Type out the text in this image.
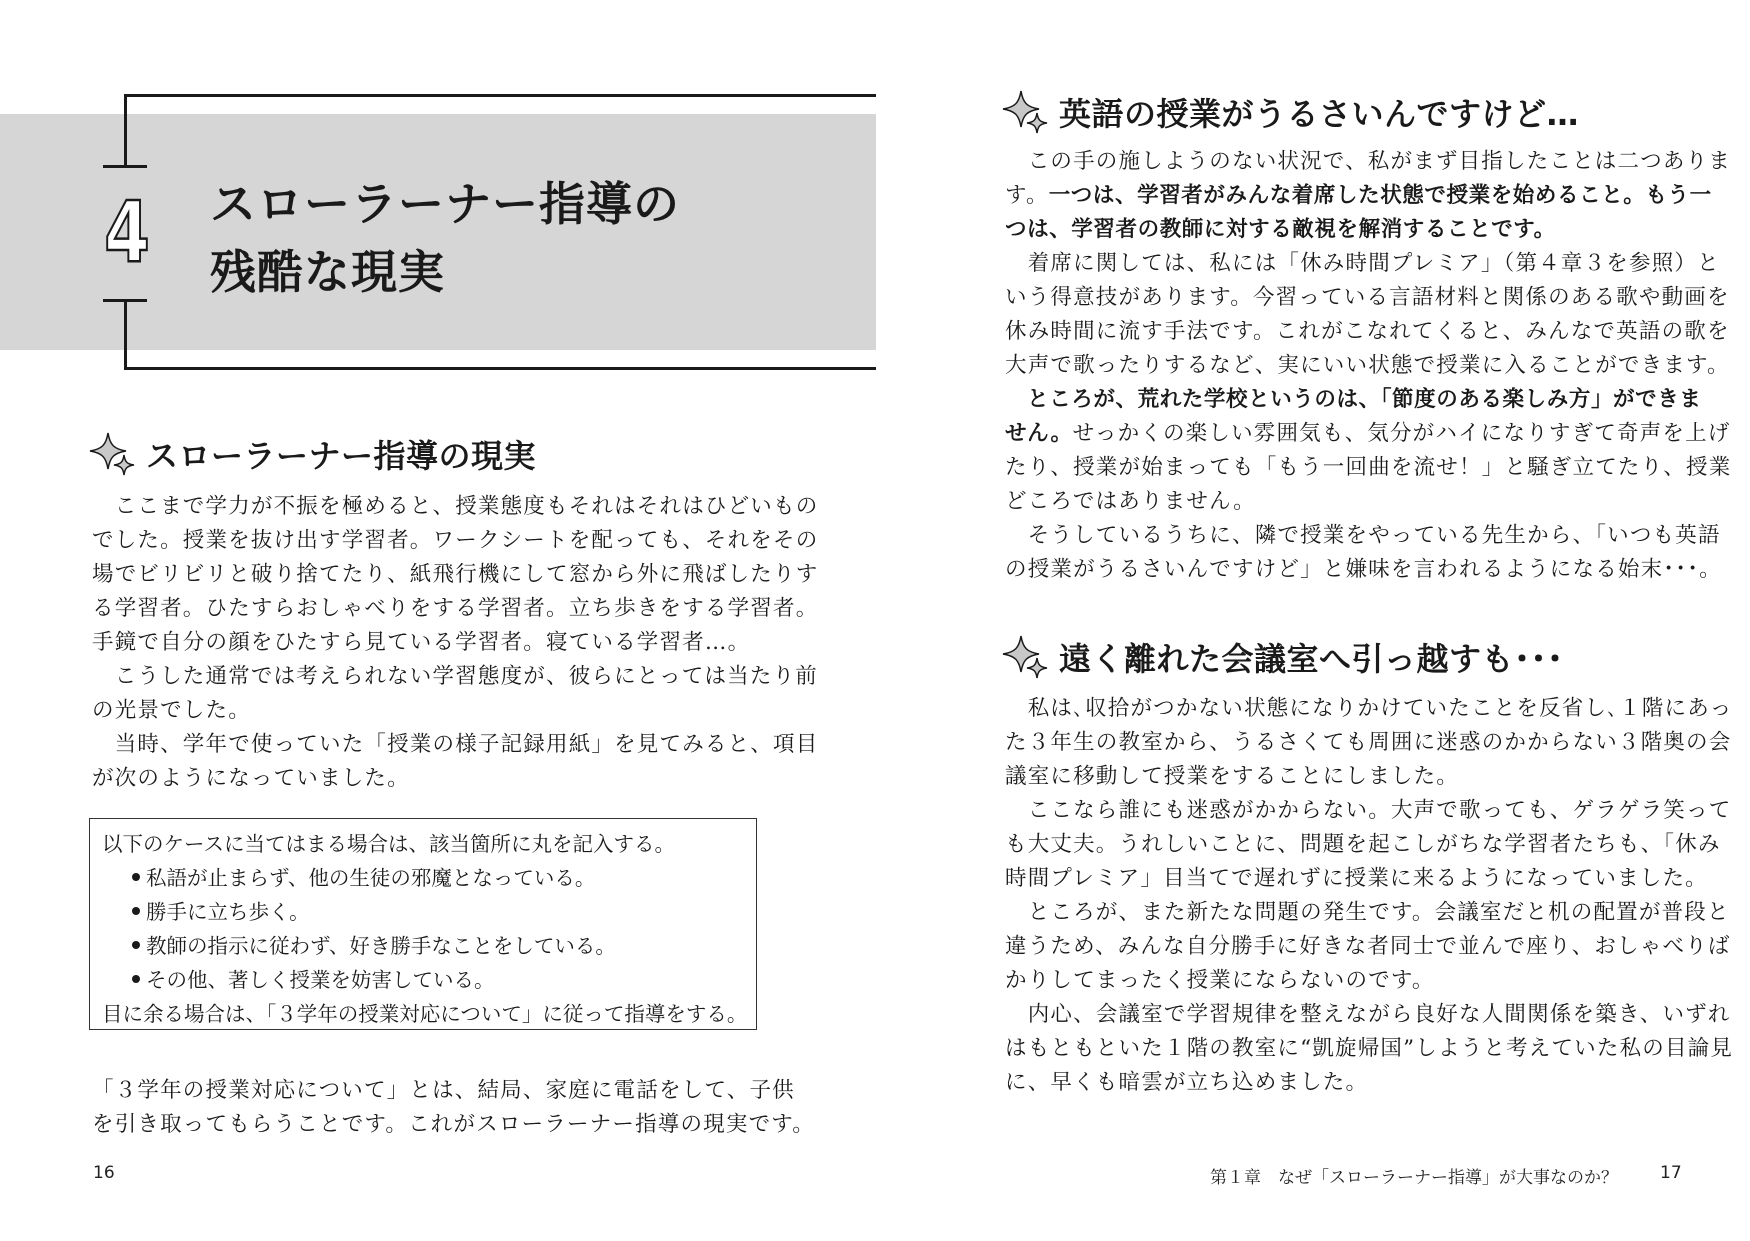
4 スローラーナー指導の
残酷な現実
スローラーナー指導の現実
　ここまで学力が不振を極めると、授業態度もそれはそれはひどいもの
でした。授業を抜け出す学習者。ワークシートを配っても、それをその
場でビリビリと破り捨てたり、紙飛行機にして窓から外に飛ばしたりす
る学習者。ひたすらおしゃべりをする学習者。立ち歩きをする学習者。
手鏡で自分の顔をひたすら見ている学習者。寝ている学習者…。
　こうした通常では考えられない学習態度が、彼らにとっては当たり前
の光景でした。
　当時、学年で使っていた「授業の様子記録用紙」を見てみると、項目
が次のようになっていました。
以下のケースに当てはまる場合は、該当箇所に丸を記入する。
私語が止まらず、他の生徒の邪魔となっている。
勝手に立ち歩く。
教師の指示に従わず、好き勝手なことをしている。
その他、著しく授業を妨害している。
目に余る場合は、「３学年の授業対応について」に従って指導をする。
「３学年の授業対応について」とは、結局、家庭に電話をして、子供
を引き取ってもらうことです。これがスローラーナー指導の現実です。
16
英語の授業がうるさいんですけど…
　この手の施しようのない状況で、私がまず目指したことは二つありま
す。一つは、学習者がみんな着席した状態で授業を始めること。もう一
つは、学習者の教師に対する敵視を解消することです。
　着席に関しては、私には「休み時間プレミア」（第４章３を参照）と
いう得意技があります。今習っている言語材料と関係のある歌や動画を
休み時間に流す手法です。これがこなれてくると、みんなで英語の歌を
大声で歌ったりするなど、実にいい状態で授業に入ることができます。
　ところが、荒れた学校というのは、「節度のある楽しみ方」ができま
せん。せっかくの楽しい雰囲気も、気分がハイになりすぎて奇声を上げ
たり、授業が始まっても「もう一回曲を流せ！」と騒ぎ立てたり、授業
どころではありません。
　そうしているうちに、隣で授業をやっている先生から、「いつも英語
の授業がうるさいんですけど」と嫌味を言われるようになる始末･･･。
遠く離れた会議室へ引っ越すも･･･
　私は､収拾がつかない状態になりかけていたことを反省し､１階にあっ
た３年生の教室から、うるさくても周囲に迷惑のかからない３階奥の会
議室に移動して授業をすることにしました。
　ここなら誰にも迷惑がかからない。大声で歌っても、ゲラゲラ笑って
も大丈夫。うれしいことに、問題を起こしがちな学習者たちも、「休み
時間プレミア」目当てで遅れずに授業に来るようになっていました。
　ところが、また新たな問題の発生です。会議室だと机の配置が普段と
違うため、みんな自分勝手に好きな者同士で並んで座り、おしゃべりば
かりしてまったく授業にならないのです。
　内心、会議室で学習規律を整えながら良好な人間関係を築き、いずれ
はもともといた１階の教室に“凱旋帰国”しようと考えていた私の目論見
に、早くも暗雲が立ち込めました。
第１章　なぜ「スローラーナー指導」が大事なのか？ 17
